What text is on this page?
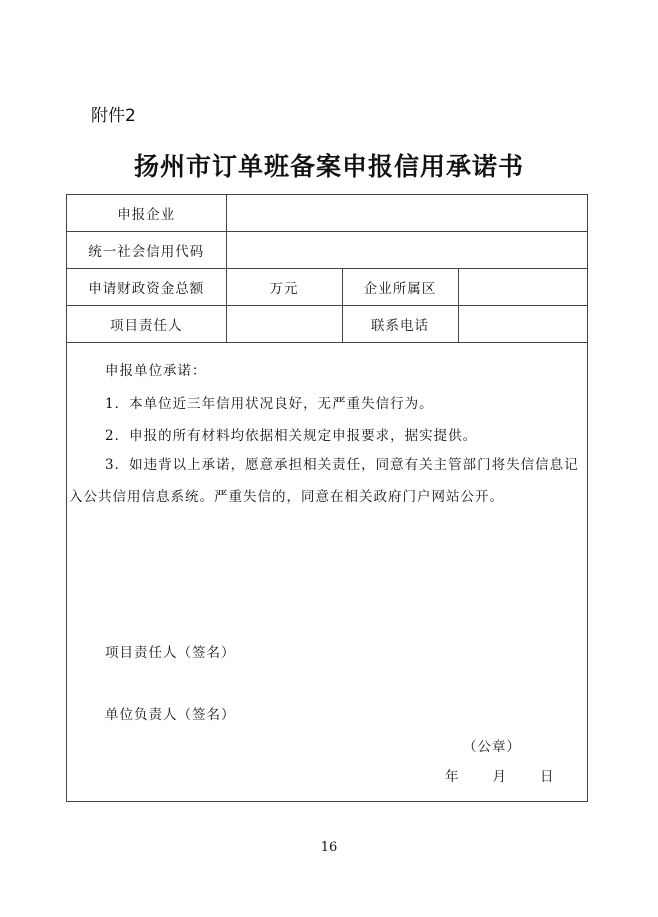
附件2
扬州市订单班备案申报信用承诺书
申报企业			
统一社会信用代码			
申请财政资金总额	万元	企业所属区	
项目责任人		联系电话	

申报单位承诺：

1．本单位近三年信用状况良好，无严重失信行为。

2．申报的所有材料均依据相关规定申报要求，据实提供。

3．如违背以上承诺，愿意承担相关责任，同意有关主管部门将失信信息记入公共信用信息系统。严重失信的，同意在相关政府门户网站公开。

项目责任人（签名）
单位负责人（签名）
（公章）
年	月	日
16
